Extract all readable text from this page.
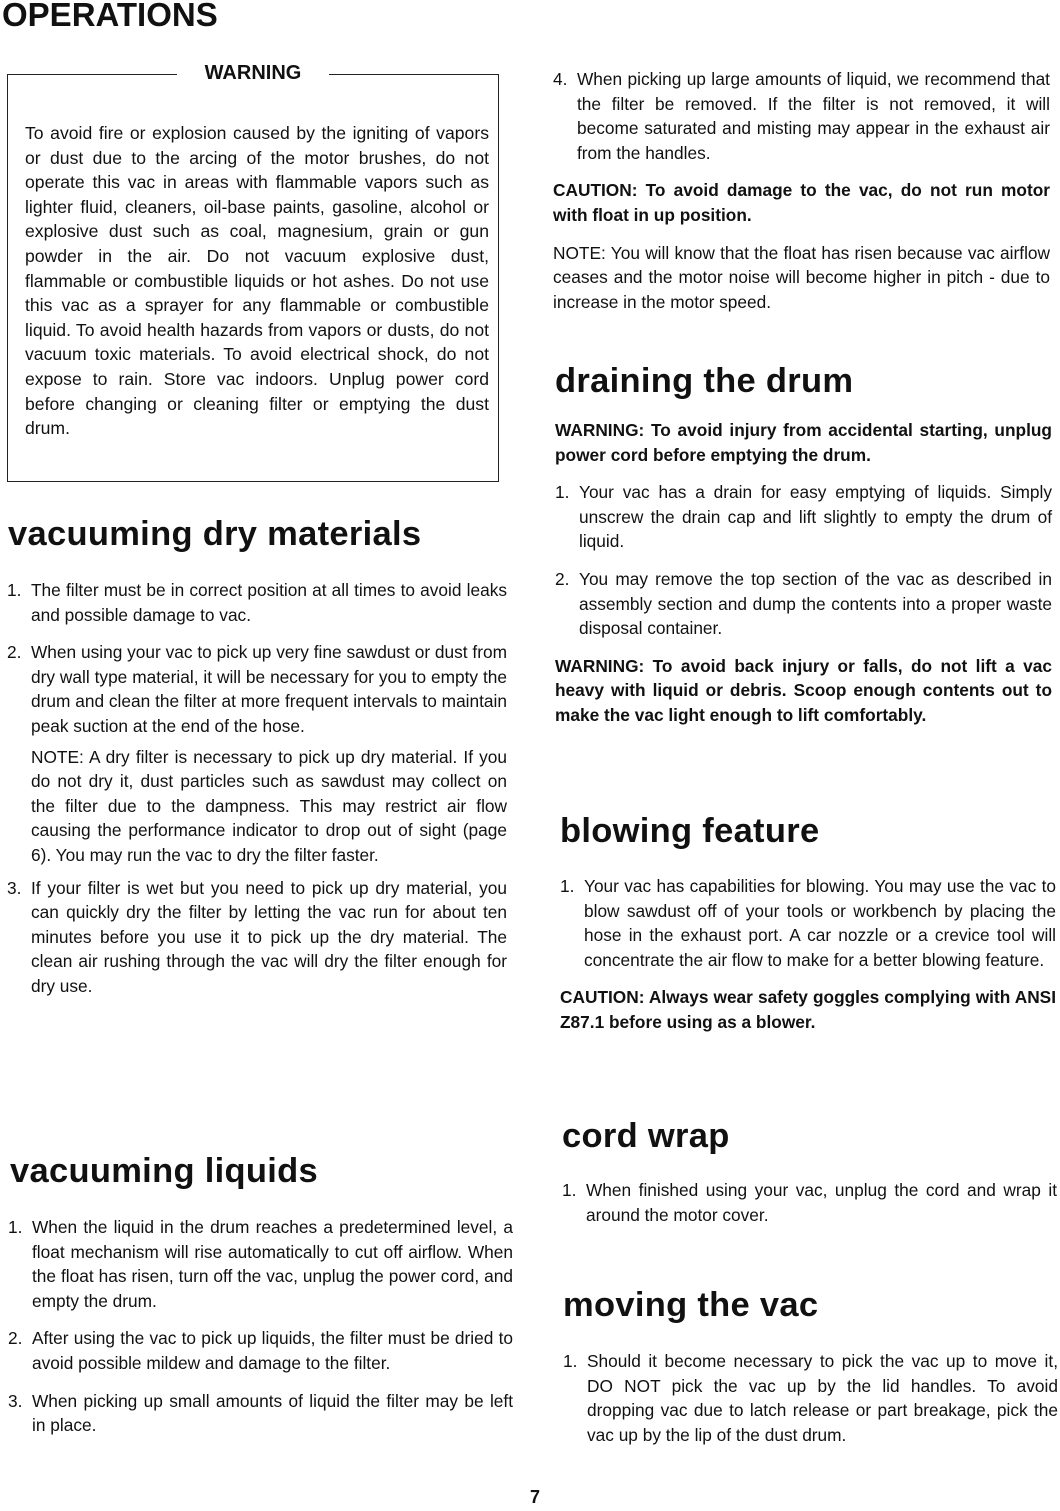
OPERATIONS
WARNING

To avoid fire or explosion caused by the igniting of vapors or dust due to the arcing of the motor brushes, do not operate this vac in areas with flammable vapors such as lighter fluid, cleaners, oil-base paints, gasoline, alcohol or explosive dust such as coal, magnesium, grain or gun powder in the air. Do not vacuum explosive dust, flammable or combustible liquids or hot ashes. Do not use this vac as a sprayer for any flammable or combustible liquid. To avoid health hazards from vapors or dusts, do not vacuum toxic materials. To avoid electrical shock, do not expose to rain. Store vac indoors. Unplug power cord before changing or cleaning filter or emptying the dust drum.

vacuuming dry materials
1. The filter must be in correct position at all times to avoid leaks and possible damage to vac.
2. When using your vac to pick up very fine sawdust or dust from dry wall type material, it will be necessary for you to empty the drum and clean the filter at more frequent intervals to maintain peak suction at the end of the hose.

NOTE: A dry filter is necessary to pick up dry material. If you do not dry it, dust particles such as sawdust may collect on the filter due to the dampness. This may restrict air flow causing the performance indicator to drop out of sight (page 6). You may run the vac to dry the filter faster.

3. If your filter is wet but you need to pick up dry material, you can quickly dry the filter by letting the vac run for about ten minutes before you use it to pick up the dry material. The clean air rushing through the vac will dry the filter enough for dry use.
vacuuming liquids
1. When the liquid in the drum reaches a predetermined level, a float mechanism will rise automatically to cut off airflow. When the float has risen, turn off the vac, unplug the power cord, and empty the drum.
2. After using the vac to pick up liquids, the filter must be dried to avoid possible mildew and damage to the filter.
3. When picking up small amounts of liquid the filter may be left in place.
4. When picking up large amounts of liquid, we recommend that the filter be removed. If the filter is not removed, it will become saturated and misting may appear in the exhaust air from the handles.

CAUTION: To avoid damage to the vac, do not run motor with float in up position.

NOTE: You will know that the float has risen because vac airflow ceases and the motor noise will become higher in pitch - due to increase in the motor speed.

draining the drum

WARNING: To avoid injury from accidental starting, unplug power cord before emptying the drum.

1. Your vac has a drain for easy emptying of liquids. Simply unscrew the drain cap and lift slightly to empty the drum of liquid.
2. You may remove the top section of the vac as described in assembly section and dump the contents into a proper waste disposal container.

WARNING: To avoid back injury or falls, do not lift a vac heavy with liquid or debris. Scoop enough contents out to make the vac light enough to lift comfortably.

blowing feature
1. Your vac has capabilities for blowing. You may use the vac to blow sawdust off of your tools or workbench by placing the hose in the exhaust port. A car nozzle or a crevice tool will concentrate the air flow to make for a better blowing feature.

CAUTION: Always wear safety goggles complying with ANSI Z87.1 before using as a blower.

cord wrap
1. When finished using your vac, unplug the cord and wrap it around the motor cover.
moving the vac
1. Should it become necessary to pick the vac up to move it, DO NOT pick the vac up by the lid handles. To avoid dropping vac due to latch release or part breakage, pick the vac up by the lip of the dust drum.
7
